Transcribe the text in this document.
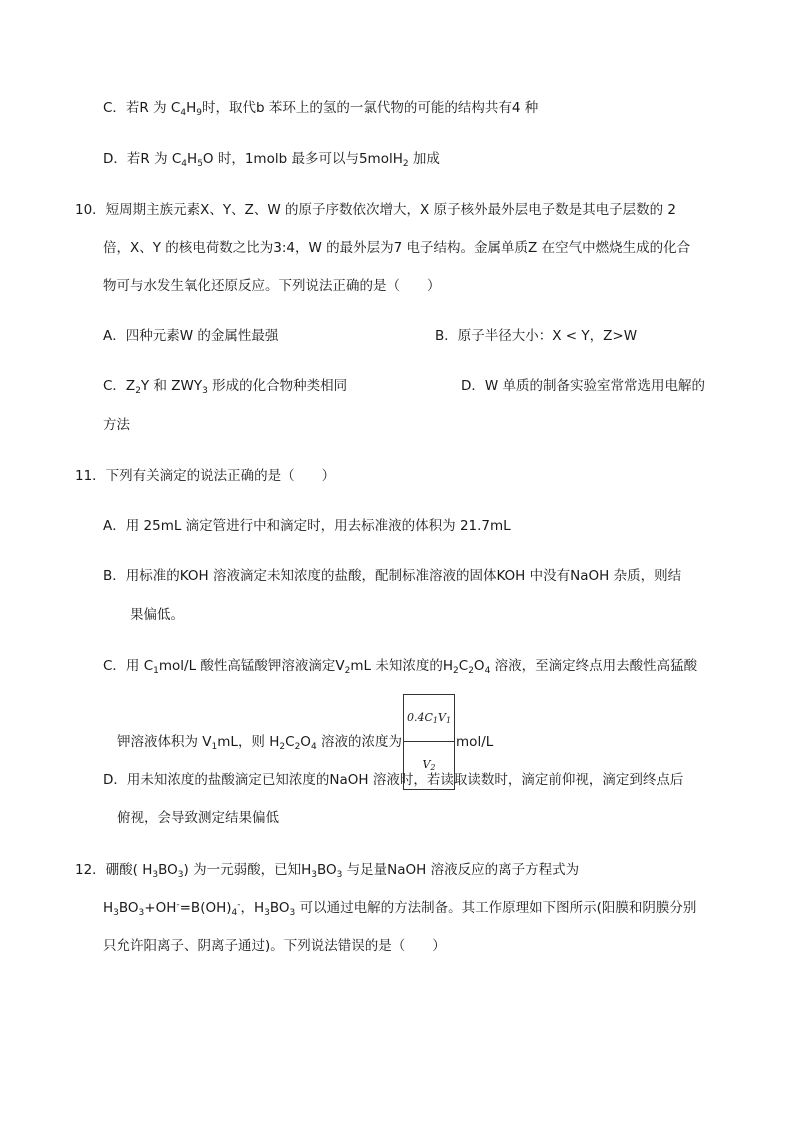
C．若R 为 $C_4H_9$时，取代b 苯环上的氢的一氯代物的可能的结构共有4 种
D．若R 为 $C_4H_5O$ 时，1molb 最多可以与5molH$_2$ 加成
10．短周期主族元素X、Y、Z、W 的原子序数依次增大，X 原子核外最外层电子数是其电子层数的 2
倍，X、Y 的核电荷数之比为3:4，W 的最外层为7 电子结构。金属单质Z 在空气中燃烧生成的化合
物可与水发生氧化还原反应。下列说法正确的是（　　）
A．四种元素W 的金属性最强	B．原子半径大小：X < Y，Z>W
C．$Z_2Y$ 和 $ZWY_3$ 形成的化合物种类相同	D．W 单质的制备实验室常常选用电解的
方法
11．下列有关滴定的说法正确的是（　　）
A．用 25mL 滴定管进行中和滴定时，用去标准液的体积为 21.7mL
B．用标准的KOH 溶液滴定未知浓度的盐酸，配制标准溶液的固体KOH 中没有NaOH 杂质，则结
果偏低。
C．用 $C_1mol/L$ 酸性高锰酸钾溶液滴定$V_2mL$ 未知浓度的$H_2C_2O_4$ 溶液，至滴定终点用去酸性高猛酸
钾溶液体积为 $V_1mL$，则 $H_2C_2O_4$ 溶液的浓度为 $\frac{0.4C_1V_1}{V_2} mol/L$
D．用未知浓度的盐酸滴定已知浓度的NaOH 溶液时，若读取读数时，滴定前仰视，滴定到终点后
俯视，会导致测定结果偏低
12．硼酸( $H_3BO_3$) 为一元弱酸，已知$H_3BO_3$ 与足量NaOH 溶液反应的离子方程式为
$H_3BO_3+OH^-=B(OH)_4^-$，$H_3BO_3$ 可以通过电解的方法制备。其工作原理如下图所示(阳膜和阴膜分别
只允许阳离子、阴离子通过)。下列说法错误的是（　　）
